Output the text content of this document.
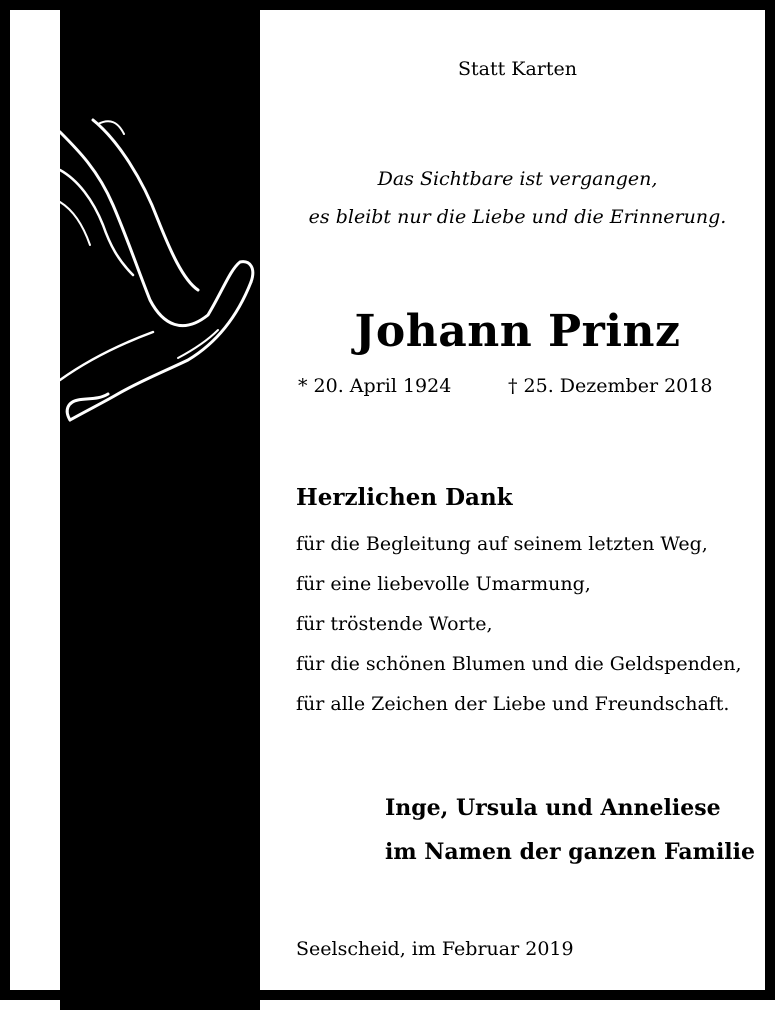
Statt Karten
Das Sichtbare ist vergangen,
es bleibt nur die Liebe und die Erinnerung.
Johann Prinz
* 20. April 1924	† 25. Dezember 2018
Herzlichen Dank
für die Begleitung auf seinem letzten Weg,
für eine liebevolle Umarmung,
für tröstende Worte,
für die schönen Blumen und die Geldspenden,
für alle Zeichen der Liebe und Freundschaft.
Inge, Ursula und Anneliese
im Namen der ganzen Familie
Seelscheid, im Februar 2019
